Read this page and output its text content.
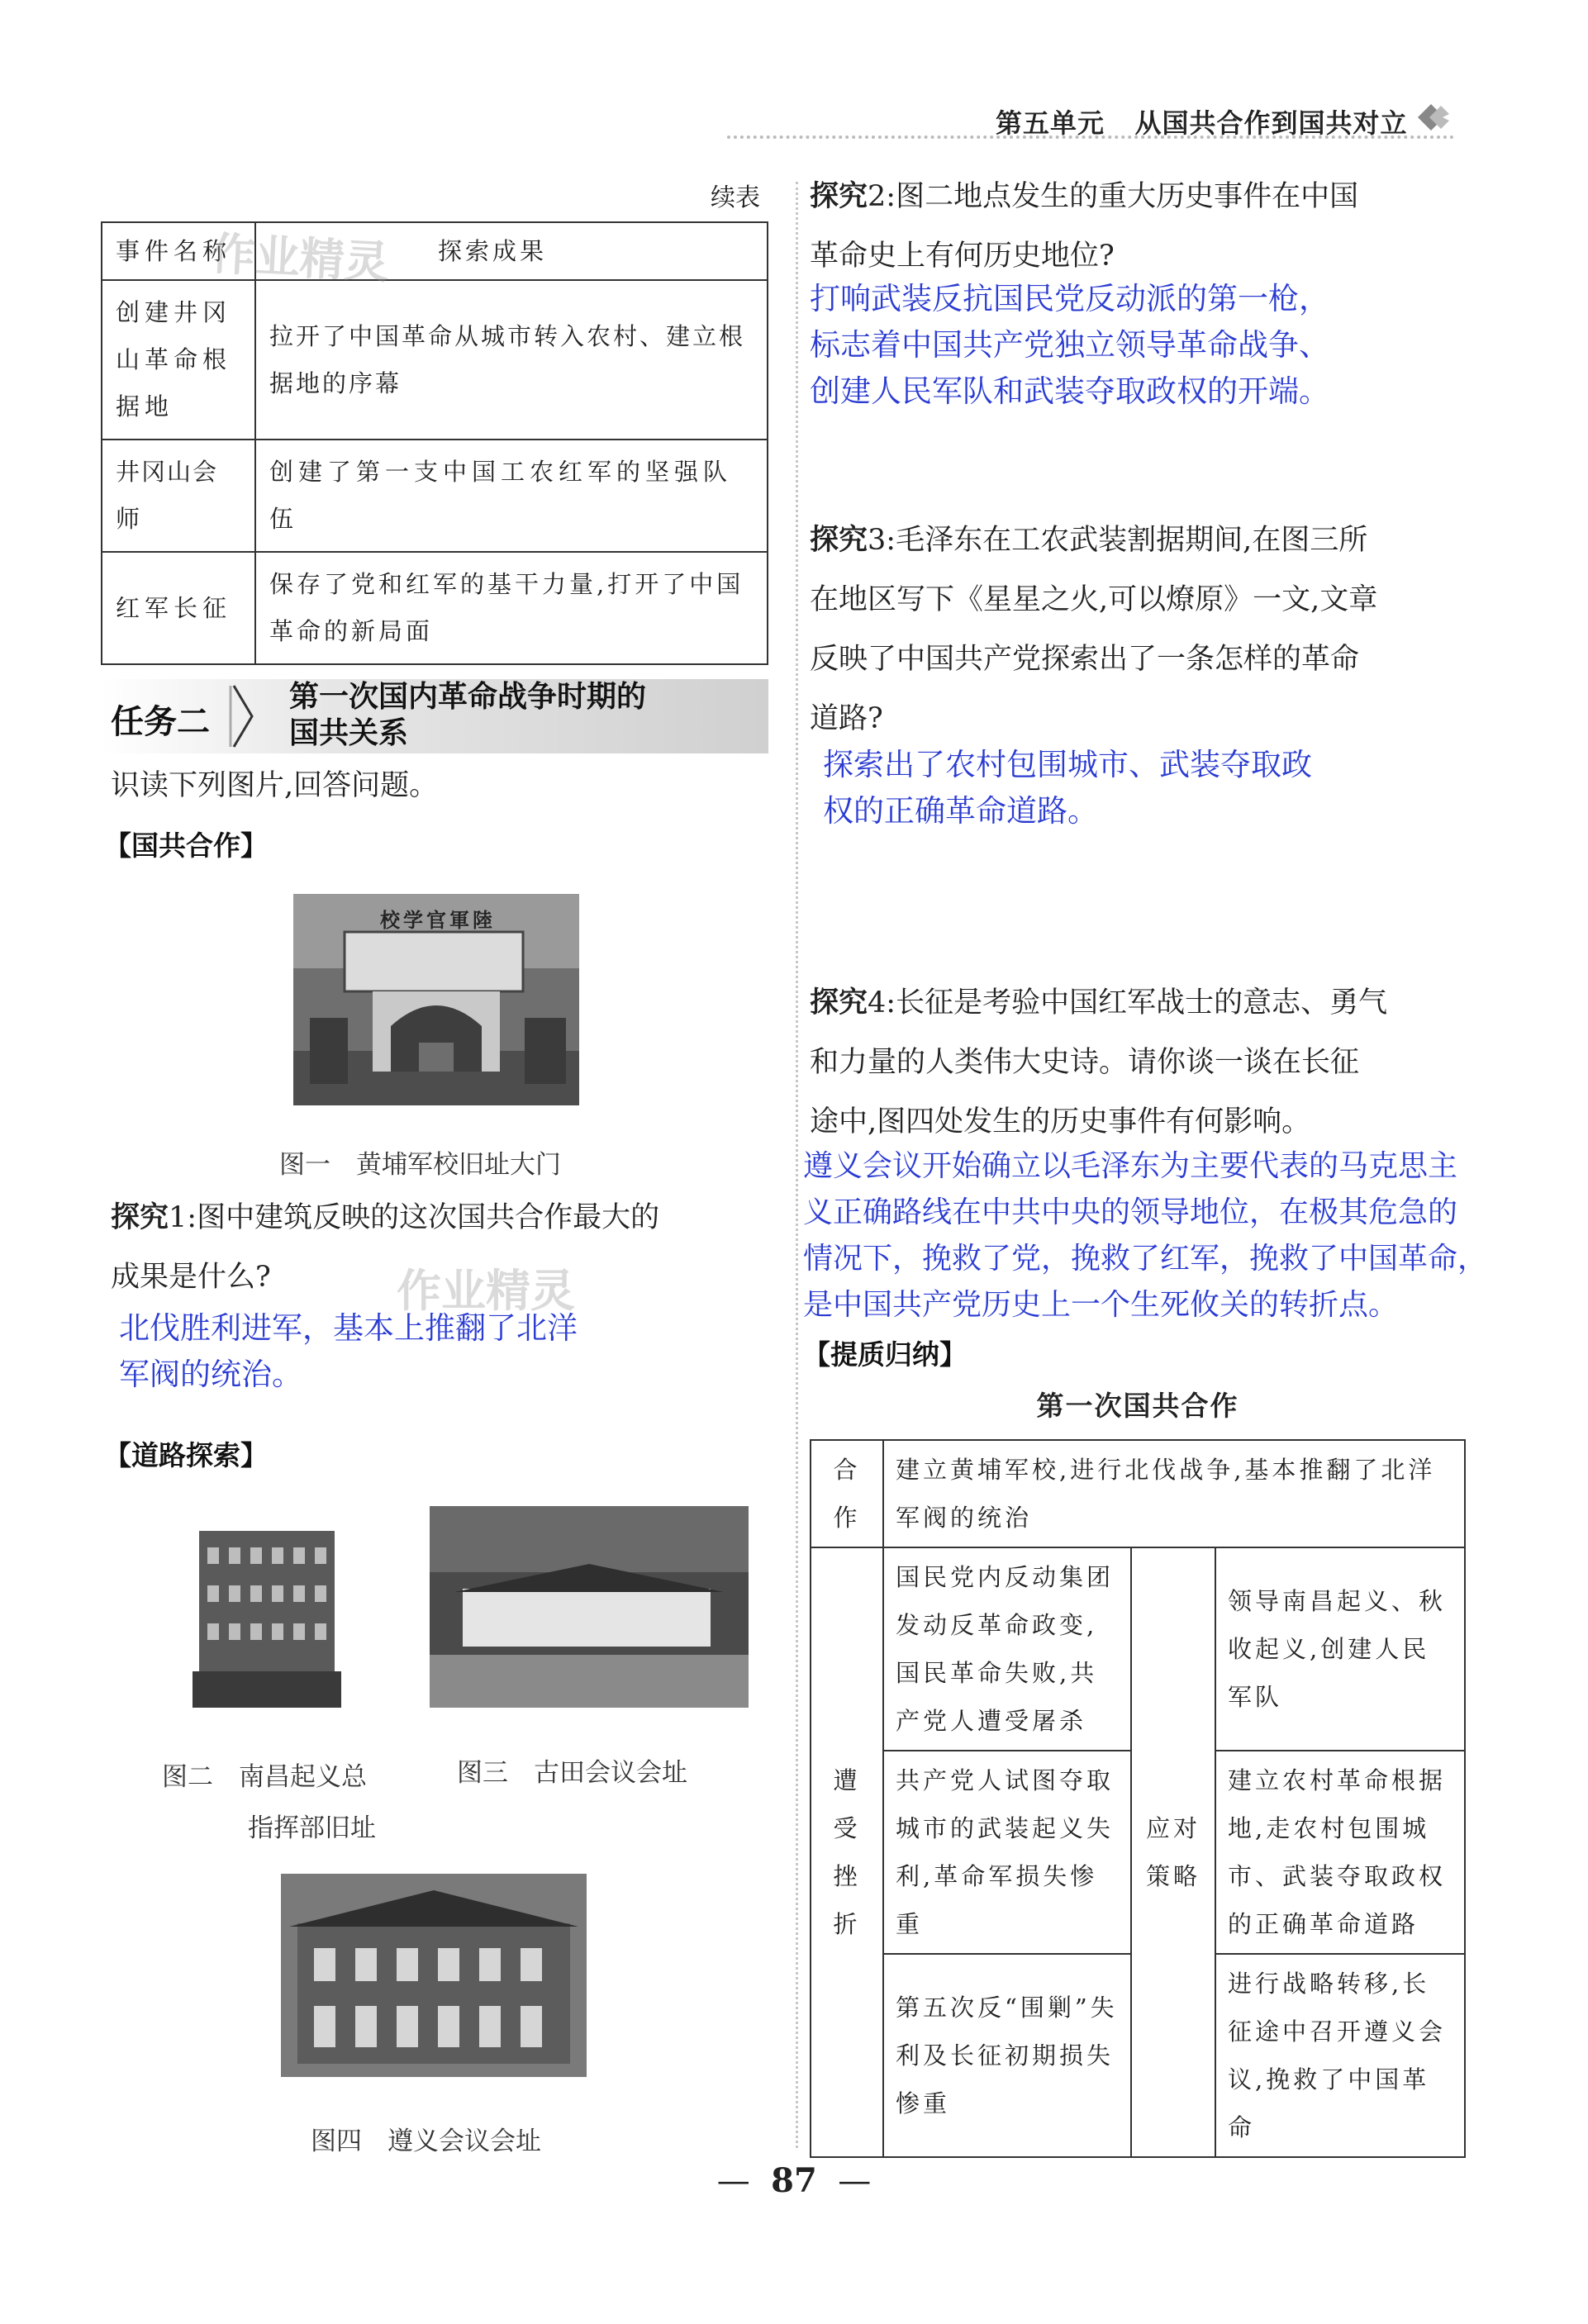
第五单元 从国共合作到国共对立
续表
事件名称	探索成果
创建井冈山革命根据地	拉开了中国革命从城市转入农村、建立根据地的序幕
井冈山会师	创建了第一支中国工农红军的坚强队伍
红军长征	保存了党和红军的基干力量,打开了中国革命的新局面
作业精灵
任务二
第一次国内革命战争时期的
国共关系
识读下列图片,回答问题。
【国共合作】
校学官軍陸
图一　黄埔军校旧址大门
探究1:图中建筑反映的这次国共合作最大的
成果是什么?	作业精灵
北伐胜利进军，基本上推翻了北洋
军阀的统治。
【道路探索】
图二　南昌起义总
指挥部旧址
图三　古田会议会址
图四　遵义会议会址
探究2:图二地点发生的重大历史事件在中国
革命史上有何历史地位?
打响武装反抗国民党反动派的第一枪，
标志着中国共产党独立领导革命战争、
创建人民军队和武装夺取政权的开端。
探究3:毛泽东在工农武装割据期间,在图三所
在地区写下《星星之火,可以燎原》一文,文章
反映了中国共产党探索出了一条怎样的革命
道路?
探索出了农村包围城市、武装夺取政
权的正确革命道路。
探究4:长征是考验中国红军战士的意志、勇气
和力量的人类伟大史诗。请你谈一谈在长征
途中,图四处发生的历史事件有何影响。
遵义会议开始确立以毛泽东为主要代表的马克思主
义正确路线在中共中央的领导地位，在极其危急的
情况下，挽救了党，挽救了红军，挽救了中国革命，
是中国共产党历史上一个生死攸关的转折点。
【提质归纳】
第一次国共合作
合作	建立黄埔军校,进行北伐战争,基本推翻了北洋军阀的统治		
遭受挫折	国民党内反动集团发动反革命政变,国民革命失败,共产党人遭受屠杀	应对策略	领导南昌起义、秋收起义,创建人民军队
	共产党人试图夺取城市的武装起义失利,革命军损失惨重		建立农村革命根据地,走农村包围城市、武装夺取政权的正确革命道路
	第五次反“围剿”失利及长征初期损失惨重		进行战略转移,长征途中召开遵义会议,挽救了中国革命
—  87  —
